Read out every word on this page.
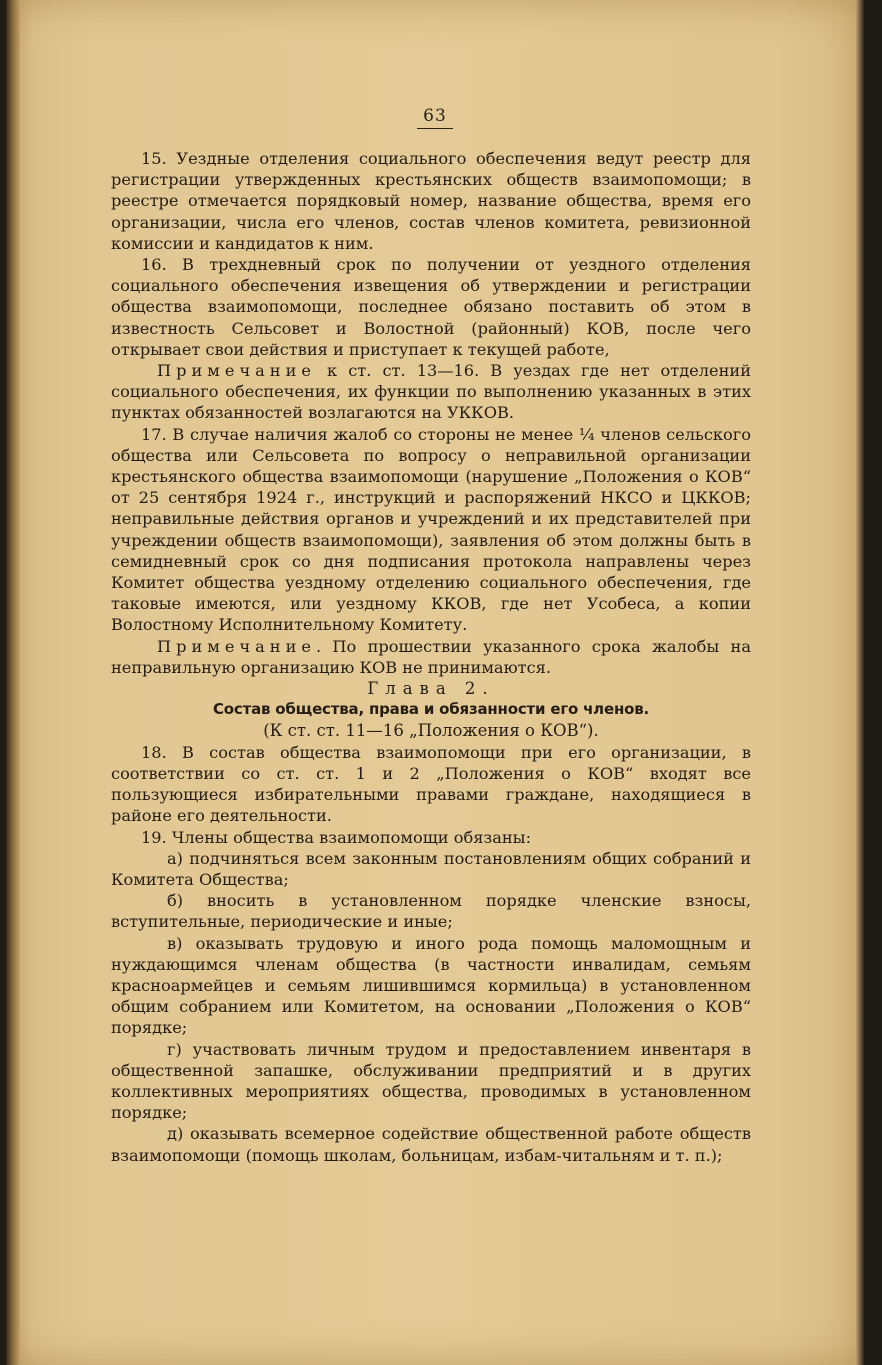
63

15. Уездные отделения социального обеспечения ведут реестр для регистрации утвержденных крестьянских обществ взаимопомощи; в реестре отмечается порядковый номер, название общества, время его организации, числа его членов, состав членов комитета, ревизионной комиссии и кандидатов к ним.

16. В трехдневный срок по получении от уездного отделения социального обеспечения извещения об утверждении и регистрации общества взаимопомощи, последнее обязано поставить об этом в известность Сельсовет и Волостной (районный) КОВ, после чего открывает свои действия и приступает к текущей работе,

Примечание к ст. ст. 13—16. В уездах где нет отделений социального обеспечения, их функции по выполнению указанных в этих пунктах обязанностей возлагаются на УККОВ.

17. В случае наличия жалоб со стороны не менее ¹⁄₄ членов сельского общества или Сельсовета по вопросу о неправильной организации крестьянского общества взаимопомощи (нарушение „Положения о КОВ“ от 25 сентября 1924 г., инструкций и распоряжений НКСО и ЦККОВ; неправильные действия органов и учреждений и их представителей при учреждении обществ взаимопомощи), заявления об этом должны быть в семидневный срок со дня подписания протокола направлены через Комитет общества уездному отделению социального обеспечения, где таковые имеются, или уездному ККОВ, где нет Усобеса, а копии Волостному Исполнительному Комитету.

Примечание. По прошествии указанного срока жалобы на неправильную организацию КОВ не принимаются.

Глава 2.

Состав общества, права и обязанности его членов.

(К ст. ст. 11—16 „Положения о КОВ“).

18. В состав общества взаимопомощи при его организации, в соответствии со ст. ст. 1 и 2 „Положения о КОВ“ входят все пользующиеся избирательными правами граждане, находящиеся в районе его деятельности.

19. Члены общества взаимопомощи обязаны:

а) подчиняться всем законным постановлениям общих собраний и Комитета Общества;

б) вносить в установленном порядке членские взносы, вступительные, периодические и иные;

в) оказывать трудовую и иного рода помощь маломощным и нуждающимся членам общества (в частности инвалидам, семьям красноармейцев и семьям лишившимся кормильца) в установленном общим собранием или Комитетом, на основании „Положения о КОВ“ порядке;

г) участвовать личным трудом и предоставлением инвентаря в общественной запашке, обслуживании предприятий и в других коллективных мероприятиях общества, проводимых в установленном порядке;

д) оказывать всемерное содействие общественной работе обществ взаимопомощи (помощь школам, больницам, избам-читальням и т. п.);
